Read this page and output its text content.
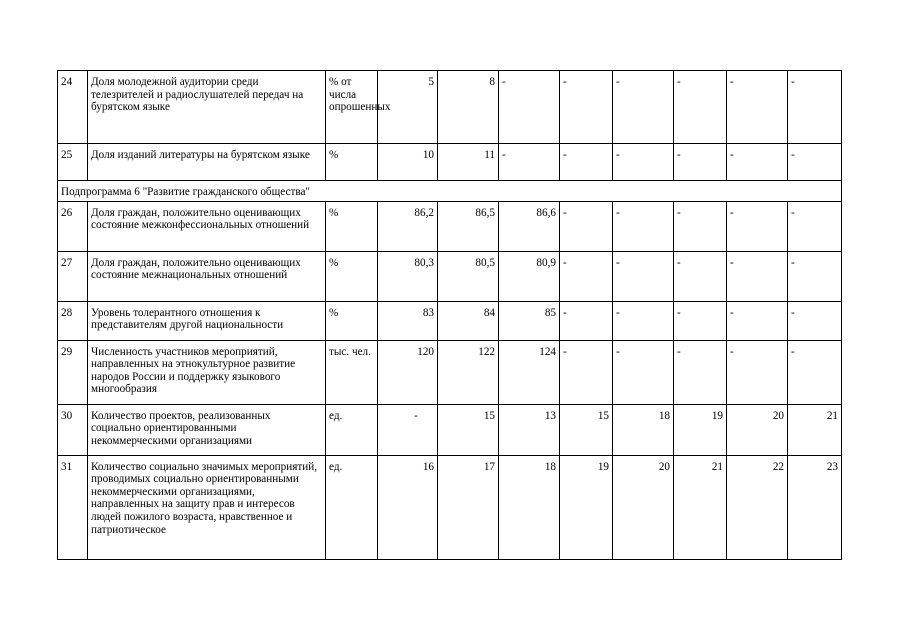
24	Доля молодежной аудитории среди телезрителей и радиослушателей передач на бурятском языке	% от числа опрошенных	5	8	-	-	-	-	-	-
25	Доля изданий литературы на бурятском языке	%	10	11	-	-	-	-	-	-
Подпрограмма 6 "Развитие гражданского общества"										
26	Доля граждан, положительно оценивающих состояние межконфессиональных отношений	%	86,2	86,5	86,6	-	-	-	-	-
27	Доля граждан, положительно оценивающих состояние межнациональных отношений	%	80,3	80,5	80,9	-	-	-	-	-
28	Уровень толерантного отношения к представителям другой национальности	%	83	84	85	-	-	-	-	-
29	Численность участников мероприятий, направленных на этнокультурное развитие народов России и поддержку языкового многообразия	тыс. чел.	120	122	124	-	-	-	-	-
30	Количество проектов, реализованных социально ориентированными некоммерческими организациями	ед.	-	15	13	15	18	19	20	21
31	Количество социально значимых мероприятий, проводимых социально ориентированными некоммерческими организациями, направленных на защиту прав и интересов людей пожилого возраста, нравственное и патриотическое	ед.	16	17	18	19	20	21	22	23
